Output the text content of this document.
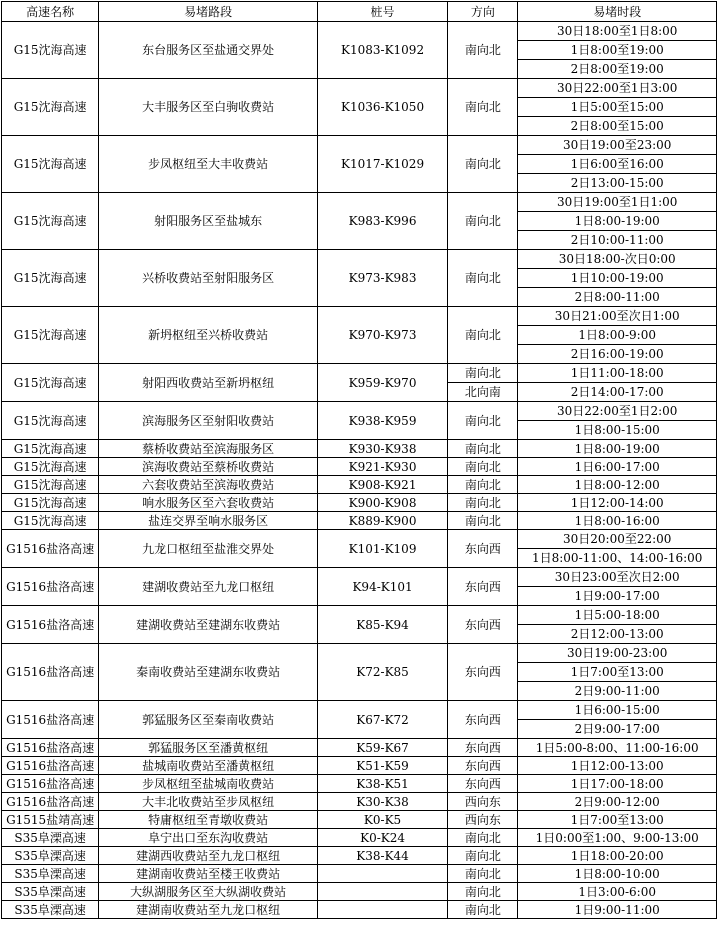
高速名称	易堵路段	桩号	方向	易堵时段
G15沈海高速	东台服务区至盐通交界处	K1083-K1092	南向北	30日18:00至1日8:00
				1日8:00至19:00
				2日8:00至19:00
G15沈海高速	大丰服务区至白驹收费站	K1036-K1050	南向北	30日22:00至1日3:00
				1日5:00至15:00
				2日8:00至15:00
G15沈海高速	步凤枢纽至大丰收费站	K1017-K1029	南向北	30日19:00至23:00
				1日6:00至16:00
				2日13:00-15:00
G15沈海高速	射阳服务区至盐城东	K983-K996	南向北	30日19:00至1日1:00
				1日8:00-19:00
				2日10:00-11:00
G15沈海高速	兴桥收费站至射阳服务区	K973-K983	南向北	30日18:00-次日0:00
				1日10:00-19:00
				2日8:00-11:00
G15沈海高速	新坍枢纽至兴桥收费站	K970-K973	南向北	30日21:00至次日1:00
				1日8:00-9:00
				2日16:00-19:00
G15沈海高速	射阳西收费站至新坍枢纽	K959-K970	南向北	1日11:00-18:00
			北向南	2日14:00-17:00
G15沈海高速	滨海服务区至射阳收费站	K938-K959	南向北	30日22:00至1日2:00
				1日8:00-15:00
G15沈海高速	蔡桥收费站至滨海服务区	K930-K938	南向北	1日8:00-19:00
G15沈海高速	滨海收费站至蔡桥收费站	K921-K930	南向北	1日6:00-17:00
G15沈海高速	六套收费站至滨海收费站	K908-K921	南向北	1日8:00-12:00
G15沈海高速	响水服务区至六套收费站	K900-K908	南向北	1日12:00-14:00
G15沈海高速	盐连交界至响水服务区	K889-K900	南向北	1日8:00-16:00
G1516盐洛高速	九龙口枢纽至盐淮交界处	K101-K109	东向西	30日20:00至22:00
				1日8:00-11:00、14:00-16:00
G1516盐洛高速	建湖收费站至九龙口枢纽	K94-K101	东向西	30日23:00至次日2:00
				1日9:00-17:00
G1516盐洛高速	建湖收费站至建湖东收费站	K85-K94	东向西	1日5:00-18:00
				2日12:00-13:00
G1516盐洛高速	秦南收费站至建湖东收费站	K72-K85	东向西	30日19:00-23:00
				1日7:00至13:00
				2日9:00-11:00
G1516盐洛高速	郭猛服务区至秦南收费站	K67-K72	东向西	1日6:00-15:00
				2日9:00-17:00
G1516盐洛高速	郭猛服务区至潘黄枢纽	K59-K67	东向西	1日5:00-8:00、11:00-16:00
G1516盐洛高速	盐城南收费站至潘黄枢纽	K51-K59	东向西	1日12:00-13:00
G1516盐洛高速	步凤枢纽至盐城南收费站	K38-K51	东向西	1日17:00-18:00
G1516盐洛高速	大丰北收费站至步凤枢纽	K30-K38	西向东	2日9:00-12:00
G1515盐靖高速	特庸枢纽至青墩收费站	K0-K5	西向东	1日7:00至13:00
S35阜溧高速	阜宁出口至东沟收费站	K0-K24	南向北	1日0:00至1:00、9:00-13:00
S35阜溧高速	建湖西收费站至九龙口枢纽	K38-K44	南向北	1日18:00-20:00
S35阜溧高速	建湖南收费站至楼王收费站		南向北	1日8:00-10:00
S35阜溧高速	大纵湖服务区至大纵湖收费站		南向北	1日3:00-6:00
S35阜溧高速	建湖南收费站至九龙口枢纽		南向北	1日9:00-11:00
